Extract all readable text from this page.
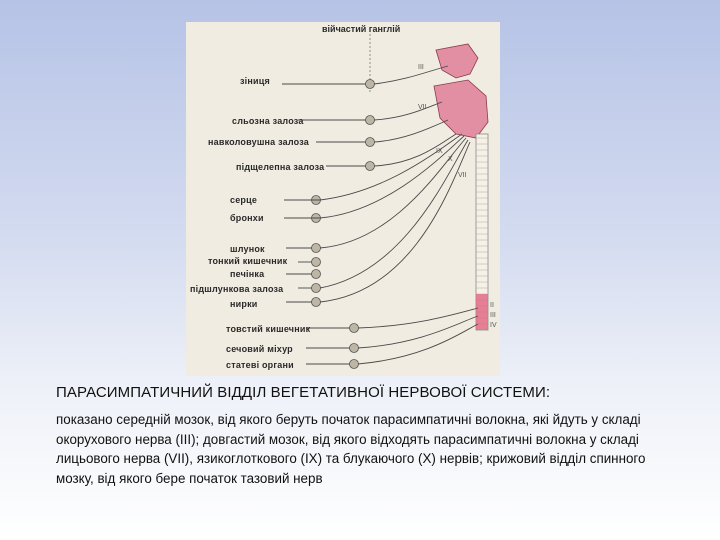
війчастий ганглій
зіниця
сльозна залоза
навколовушна залоза
підщелепна залоза
серце
бронхи
шлунок
тонкий кишечник
печінка
підшлункова залоза
нирки
товстий кишечник
сечовий міхур
статеві органи
III
VII
IX
X
VII
II
III
IV
ПАРАСИМПАТИЧНИЙ ВІДДІЛ ВЕГЕТАТИВНОЇ НЕРВОВОЇ СИСТЕМИ:
показано середній мозок, від якого беруть початок парасимпатичні волокна, які йдуть у складі окорухового нерва (ІІІ); довгастий мозок, від якого відходять парасимпатичні волокна у складі лицьового нерва (VІІ), язикоглоткового (ІХ) та блукаючого (Х) нервів; крижовий відділ спинного мозку, від якого бере початок тазовий нерв
